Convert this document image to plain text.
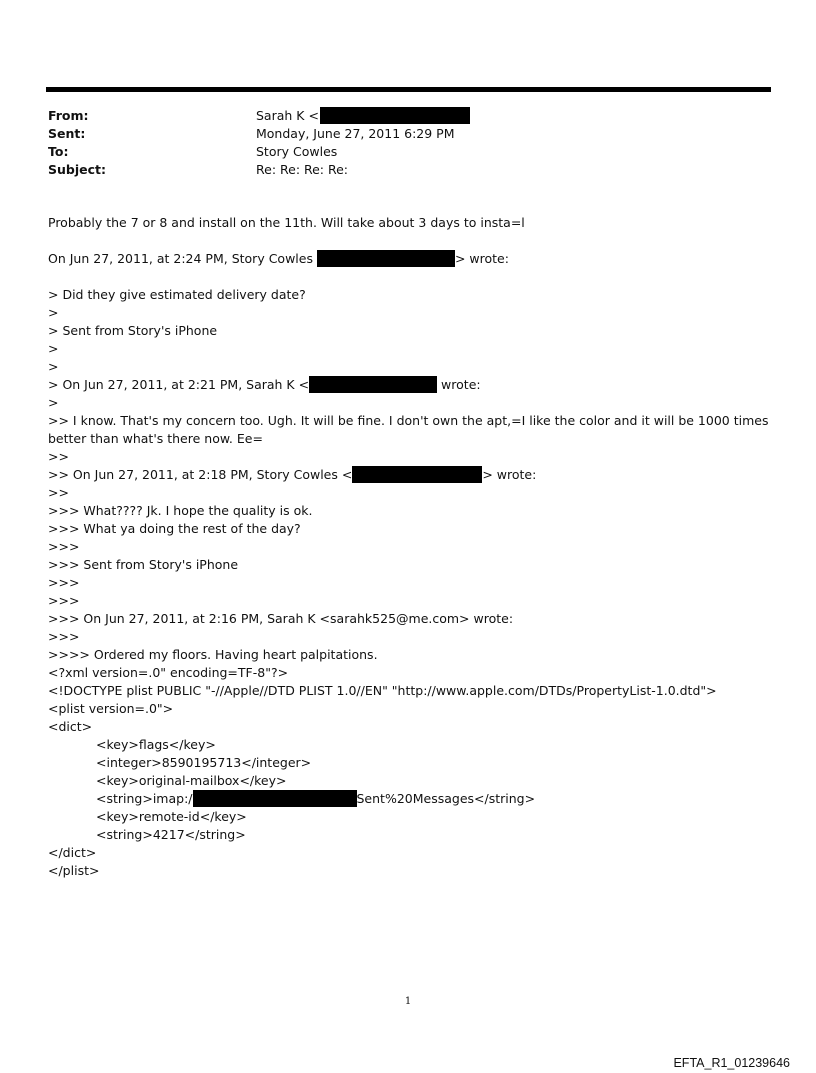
From:	Sarah K <
Sent:	Monday, June 27, 2011 6:29 PM
To:	Story Cowles
Subject:	Re: Re: Re: Re:
Probably the 7 or 8 and install on the 11th. Will take about 3 days to insta=l
On Jun 27, 2011, at 2:24 PM, Story Cowles	> wrote:
> Did they give estimated delivery date?
>
> Sent from Story's iPhone
>
>
> On Jun 27, 2011, at 2:21 PM, Sarah K <	wrote:
>
>> I know. That's my concern too. Ugh. It will be fine. I don't own the apt,=I like the color and it will be 1000 times better than what's there now. Ee=
>>
>> On Jun 27, 2011, at 2:18 PM, Story Cowles <	> wrote:
>>
>>> What???? Jk. I hope the quality is ok.
>>> What ya doing the rest of the day?
>>>
>>> Sent from Story's iPhone
>>>
>>>
>>> On Jun 27, 2011, at 2:16 PM, Sarah K <sarahk525@me.com> wrote:
>>>
>>>> Ordered my floors. Having heart palpitations.
<?xml version=.0" encoding=TF-8"?>
<!DOCTYPE plist PUBLIC "-//Apple//DTD PLIST 1.0//EN" "http://www.apple.com/DTDs/PropertyList-1.0.dtd">
<plist version=.0">
<dict>
<key>flags</key>
<integer>8590195713</integer>
<key>original-mailbox</key>
<string>imap:/	Sent%20Messages</string>
<key>remote-id</key>
<string>4217</string>
</dict>
</plist>
1
EFTA_R1_01239646
